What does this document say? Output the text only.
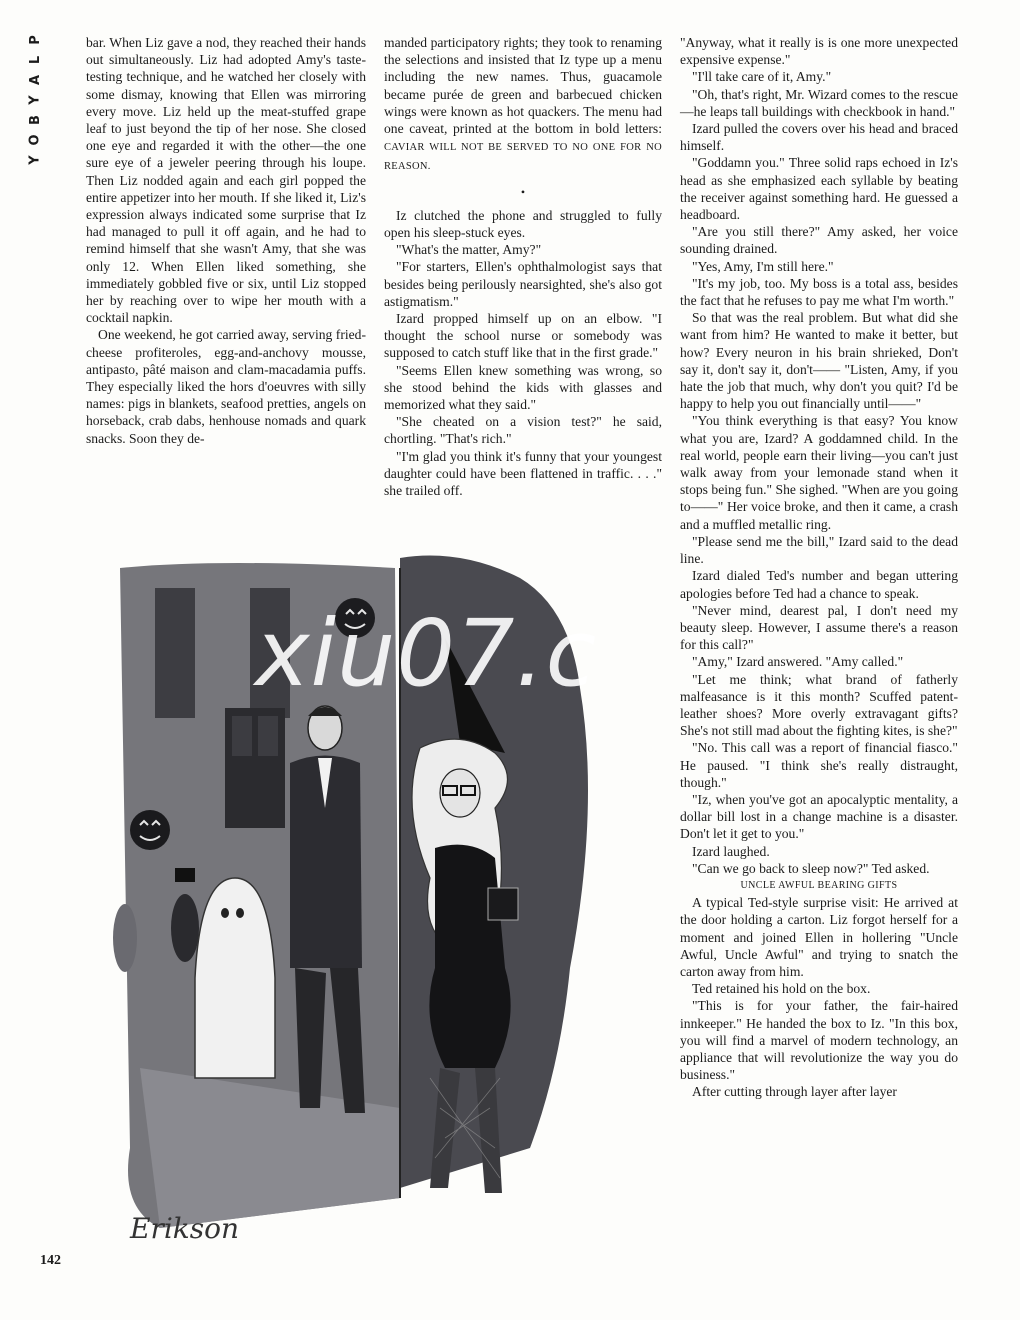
P
L
A
Y
B
O
Y

bar. When Liz gave a nod, they reached their hands out simultaneously. Liz had adopted Amy's taste-testing technique, and he watched her closely with some dismay, knowing that Ellen was mirroring every move. Liz held up the meat-stuffed grape leaf to just beyond the tip of her nose. She closed one eye and regarded it with the other—the one sure eye of a jeweler peering through his loupe. Then Liz nodded again and each girl popped the entire appetizer into her mouth. If she liked it, Liz's expression always indicated some surprise that Iz had managed to pull it off again, and he had to remind himself that she wasn't Amy, that she was only 12. When Ellen liked something, she immediately gobbled five or six, until Liz stopped her by reaching over to wipe her mouth with a cocktail napkin.

One weekend, he got carried away, serving fried-cheese profiteroles, egg-and-anchovy mousse, antipasto, pâté maison and clam-macadamia puffs. They especially liked the hors d'oeuvres with silly names: pigs in blankets, seafood pretties, angels on horseback, crab dabs, henhouse nomads and quark snacks. Soon they de-

manded participatory rights; they took to renaming the selections and insisted that Iz type up a menu including the new names. Thus, guacamole became purée de green and barbecued chicken wings were known as hot quackers. The menu had one caveat, printed at the bottom in bold letters: CAVIAR WILL NOT BE SERVED TO NO ONE FOR NO REASON.

•

Iz clutched the phone and struggled to fully open his sleep-stuck eyes.

"What's the matter, Amy?"

"For starters, Ellen's ophthalmologist says that besides being perilously nearsighted, she's also got astigmatism."

Izard propped himself up on an elbow. "I thought the school nurse or somebody was supposed to catch stuff like that in the first grade."

"Seems Ellen knew something was wrong, so she stood behind the kids with glasses and memorized what they said."

"She cheated on a vision test?" he said, chortling. "That's rich."

"I'm glad you think it's funny that your youngest daughter could have been flattened in traffic. . . ." she trailed off.

"Anyway, what it really is is one more unexpected expensive expense."

"I'll take care of it, Amy."

"Oh, that's right, Mr. Wizard comes to the rescue—he leaps tall buildings with checkbook in hand."

Izard pulled the covers over his head and braced himself.

"Goddamn you." Three solid raps echoed in Iz's head as she emphasized each syllable by beating the receiver against something hard. He guessed a headboard.

"Are you still there?" Amy asked, her voice sounding drained.

"Yes, Amy, I'm still here."

"It's my job, too. My boss is a total ass, besides the fact that he refuses to pay me what I'm worth."

So that was the real problem. But what did she want from him? He wanted to make it better, but how? Every neuron in his brain shrieked, Don't say it, don't say it, don't—— "Listen, Amy, if you hate the job that much, why don't you quit? I'd be happy to help you out financially until——"

"You think everything is that easy? You know what you are, Izard? A goddamned child. In the real world, people earn their living—you can't just walk away from your lemonade stand when it stops being fun." She sighed. "When are you going to——" Her voice broke, and then it came, a crash and a muffled metallic ring.

"Please send me the bill," Izard said to the dead line.

Izard dialed Ted's number and began uttering apologies before Ted had a chance to speak.

"Never mind, dearest pal, I don't need my beauty sleep. However, I assume there's a reason for this call?"

"Amy," Izard answered. "Amy called."

"Let me think; what brand of fatherly malfeasance is it this month? Scuffed patent-leather shoes? More overly extravagant gifts? She's not still mad about the fighting kites, is she?"

"No. This call was a report of financial fiasco." He paused. "I think she's really distraught, though."

"Iz, when you've got an apocalyptic mentality, a dollar bill lost in a change machine is a disaster. Don't let it get to you."

Izard laughed.

"Can we go back to sleep now?" Ted asked.

UNCLE AWFUL BEARING GIFTS

A typical Ted-style surprise visit: He arrived at the door holding a carton. Liz forgot herself for a moment and joined Ellen in hollering "Uncle Awful, Uncle Awful" and trying to snatch the carton away from him.

Ted retained his hold on the box.

"This is for your father, the fair-haired innkeeper." He handed the box to Iz. "In this box, you will find a marvel of modern technology, an appliance that will revolutionize the way you do business."

After cutting through layer after layer

Erikson
xiu07.c
142
